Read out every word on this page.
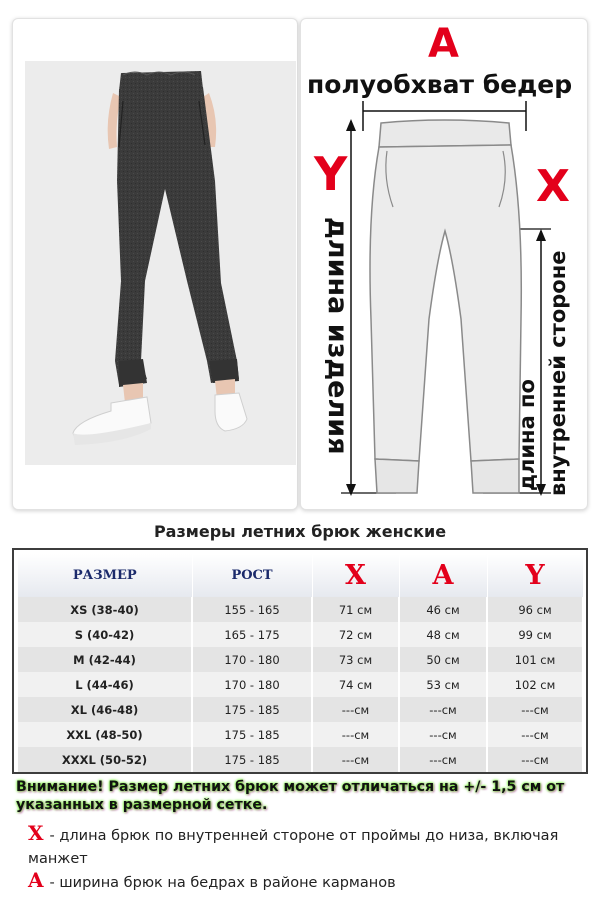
A
полуобхват бедер
Y	X
длина изделия	длина по внутренней стороне
Размеры летних брюк женские
РАЗМЕР	РОСТ	X	A	Y
XS (38-40)	155 - 165	71 см	46 см	96 см
S (40-42)	165 - 175	72 см	48 см	99 см
M (42-44)	170 - 180	73 см	50 см	101 см
L (44-46)	170 - 180	74 см	53 см	102 см
XL (46-48)	175 - 185	---см	---см	---см
XXL (48-50)	175 - 185	---см	---см	---см
XXXL (50-52)	175 - 185	---см	---см	---см
Внимание! Размер летних брюк может отличаться на +/- 1,5 см от указанных в размерной сетке.
X - длина брюк по внутренней стороне от проймы до низа, включая манжет
A - ширина брюк на бедрах в районе карманов
